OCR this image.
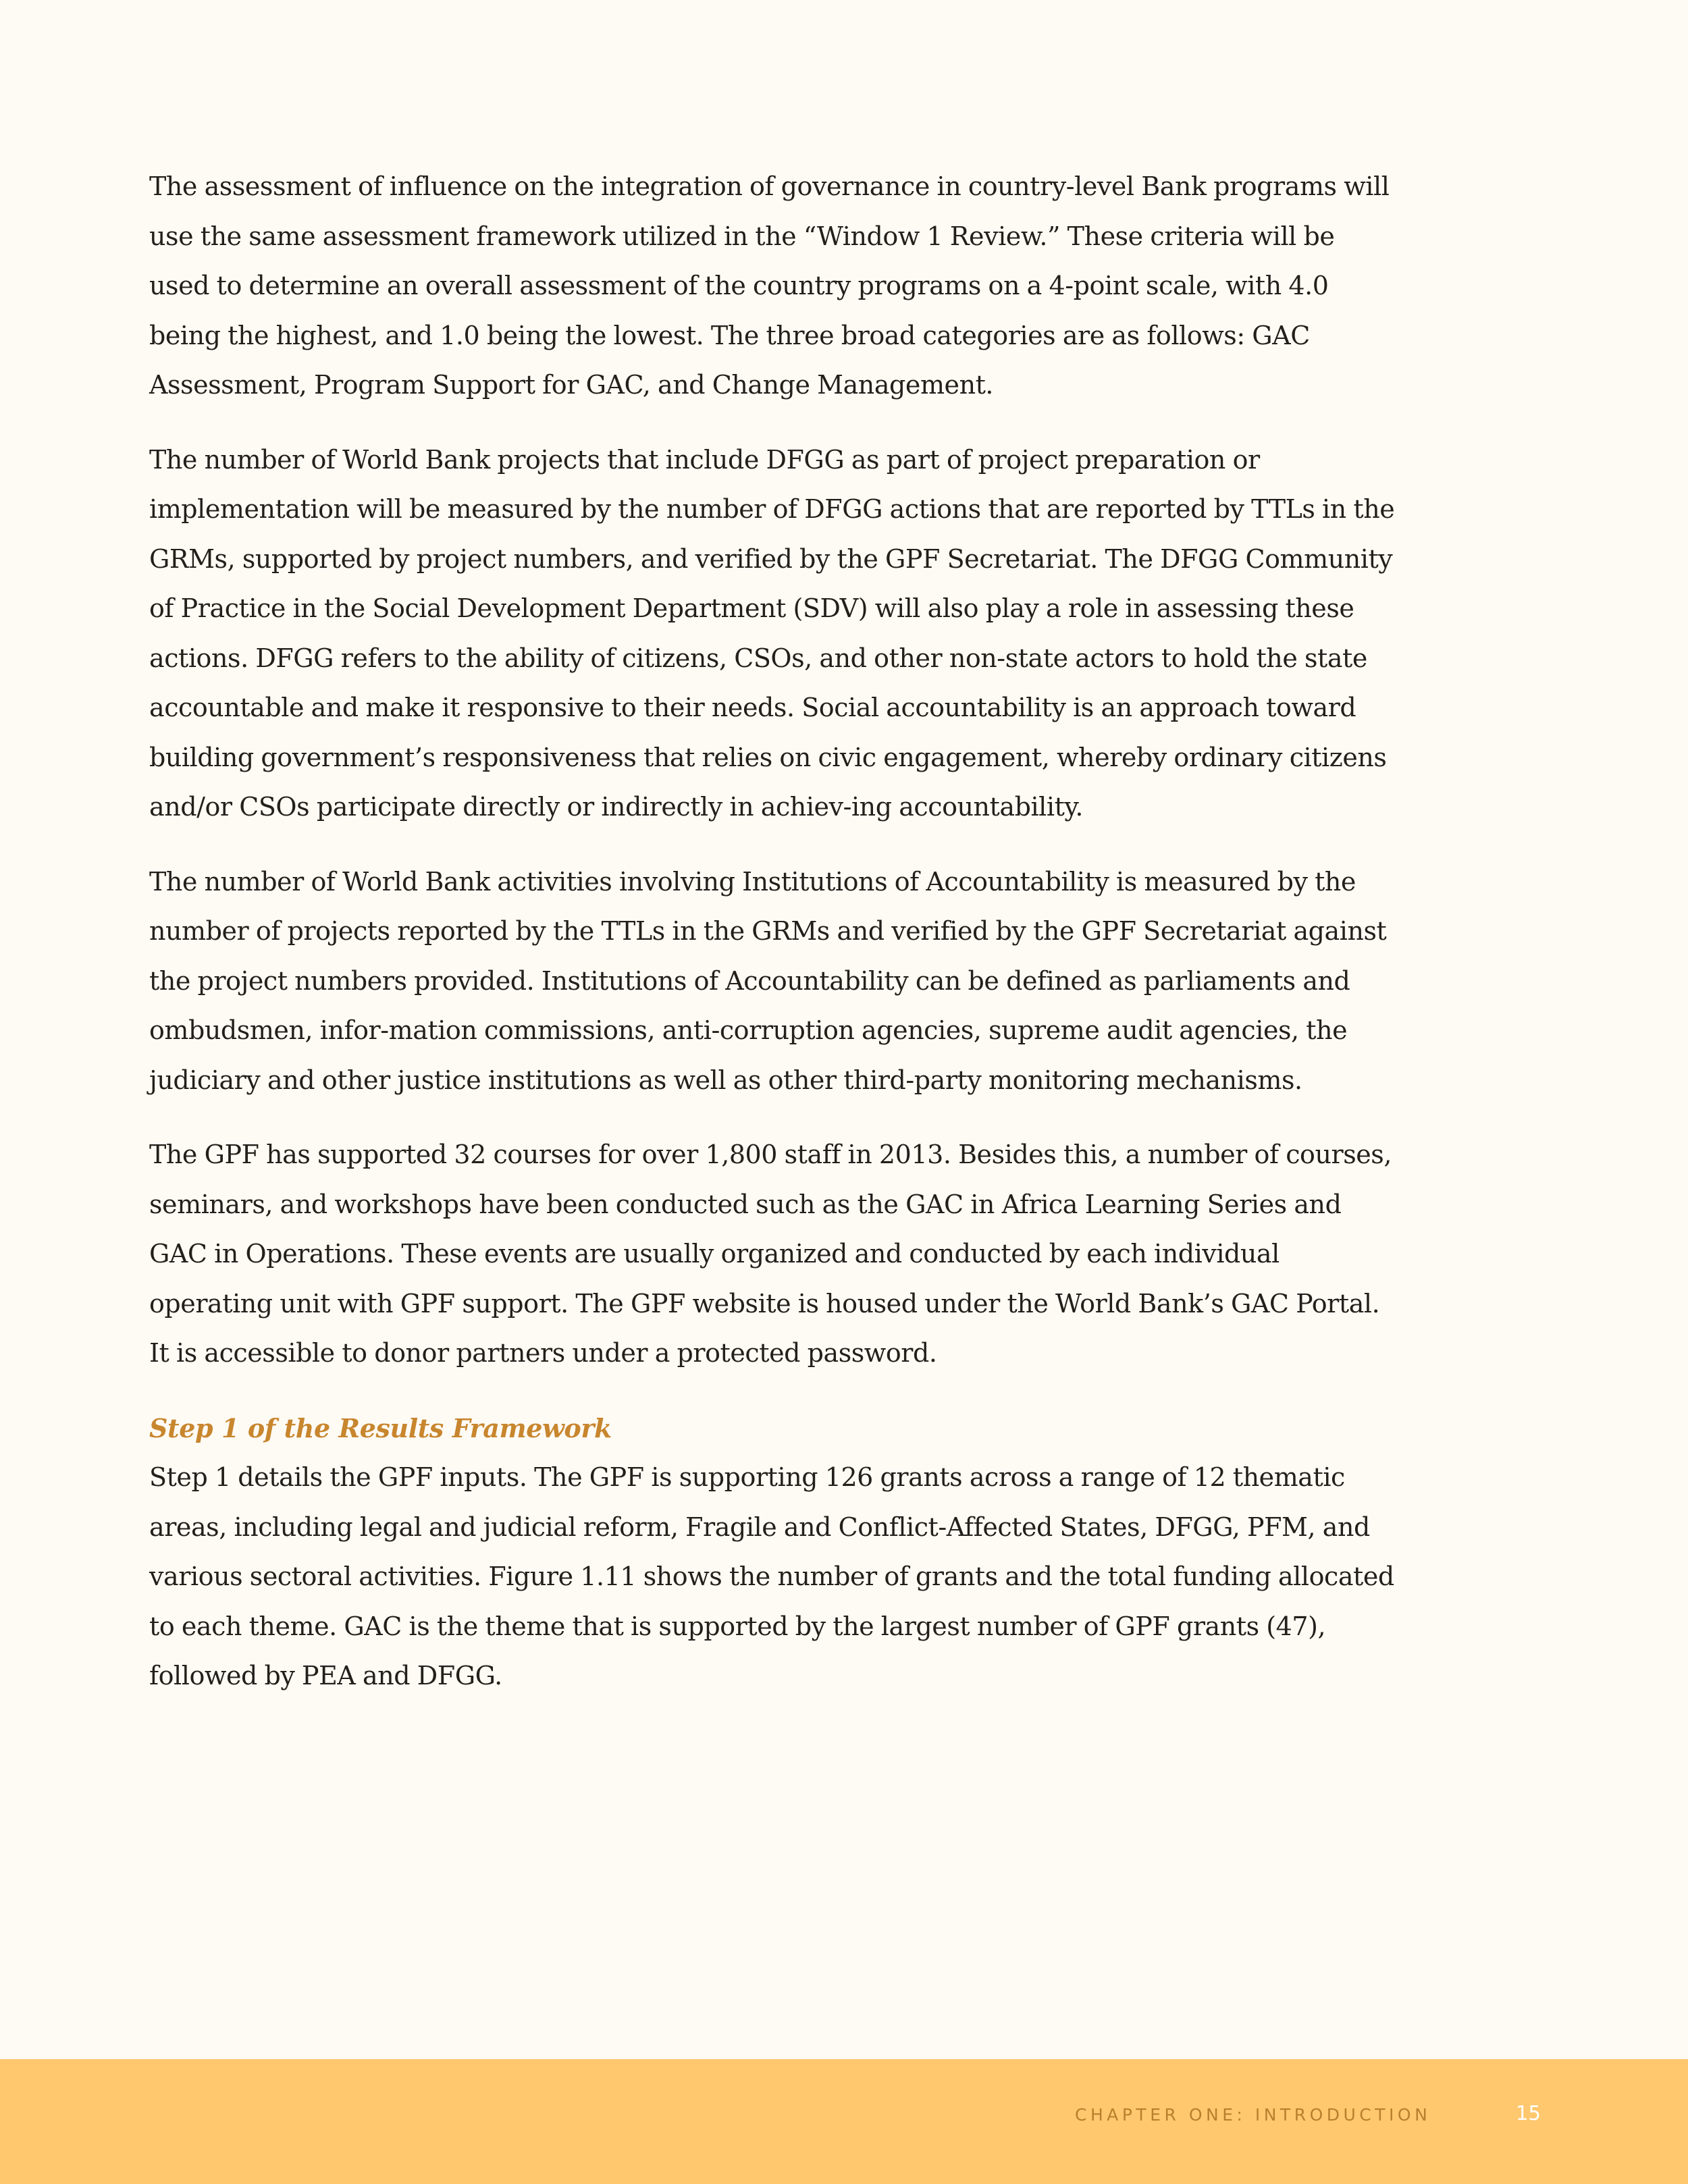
The assessment of influence on the integration of governance in country-level Bank programs will use the same assessment framework utilized in the “Window 1 Review.” These criteria will be used to determine an overall assessment of the country programs on a 4-point scale, with 4.0 being the highest, and 1.0 being the lowest. The three broad categories are as follows: GAC Assessment, Program Support for GAC, and Change Management.

The number of World Bank projects that include DFGG as part of project preparation or implementation will be measured by the number of DFGG actions that are reported by TTLs in the GRMs, supported by project numbers, and verified by the GPF Secretariat. The DFGG Community of Practice in the Social Development Department (SDV) will also play a role in assessing these actions. DFGG refers to the ability of citizens, CSOs, and other non-state actors to hold the state accountable and make it responsive to their needs. Social accountability is an approach toward building government’s responsiveness that relies on civic engagement, whereby ordinary citizens and/or CSOs participate directly or indirectly in achiev-ing accountability.

The number of World Bank activities involving Institutions of Accountability is measured by the number of projects reported by the TTLs in the GRMs and verified by the GPF Secretariat against the project numbers provided. Institutions of Accountability can be defined as parliaments and ombudsmen, infor-mation commissions, anti-corruption agencies, supreme audit agencies, the judiciary and other justice institutions as well as other third-party monitoring mechanisms.

The GPF has supported 32 courses for over 1,800 staff in 2013. Besides this, a number of courses, seminars, and workshops have been conducted such as the GAC in Africa Learning Series and GAC in Operations. These events are usually organized and conducted by each individual operating unit with GPF support. The GPF website is housed under the World Bank’s GAC Portal. It is accessible to donor partners under a protected password.

Step 1 of the Results Framework

Step 1 details the GPF inputs. The GPF is supporting 126 grants across a range of 12 thematic areas, including legal and judicial reform, Fragile and Conflict-Affected States, DFGG, PFM, and various sectoral activities. Figure 1.11 shows the number of grants and the total funding allocated to each theme. GAC is the theme that is supported by the largest number of GPF grants (47), followed by PEA and DFGG.

CHAPTER ONE: INTRODUCTION	15
